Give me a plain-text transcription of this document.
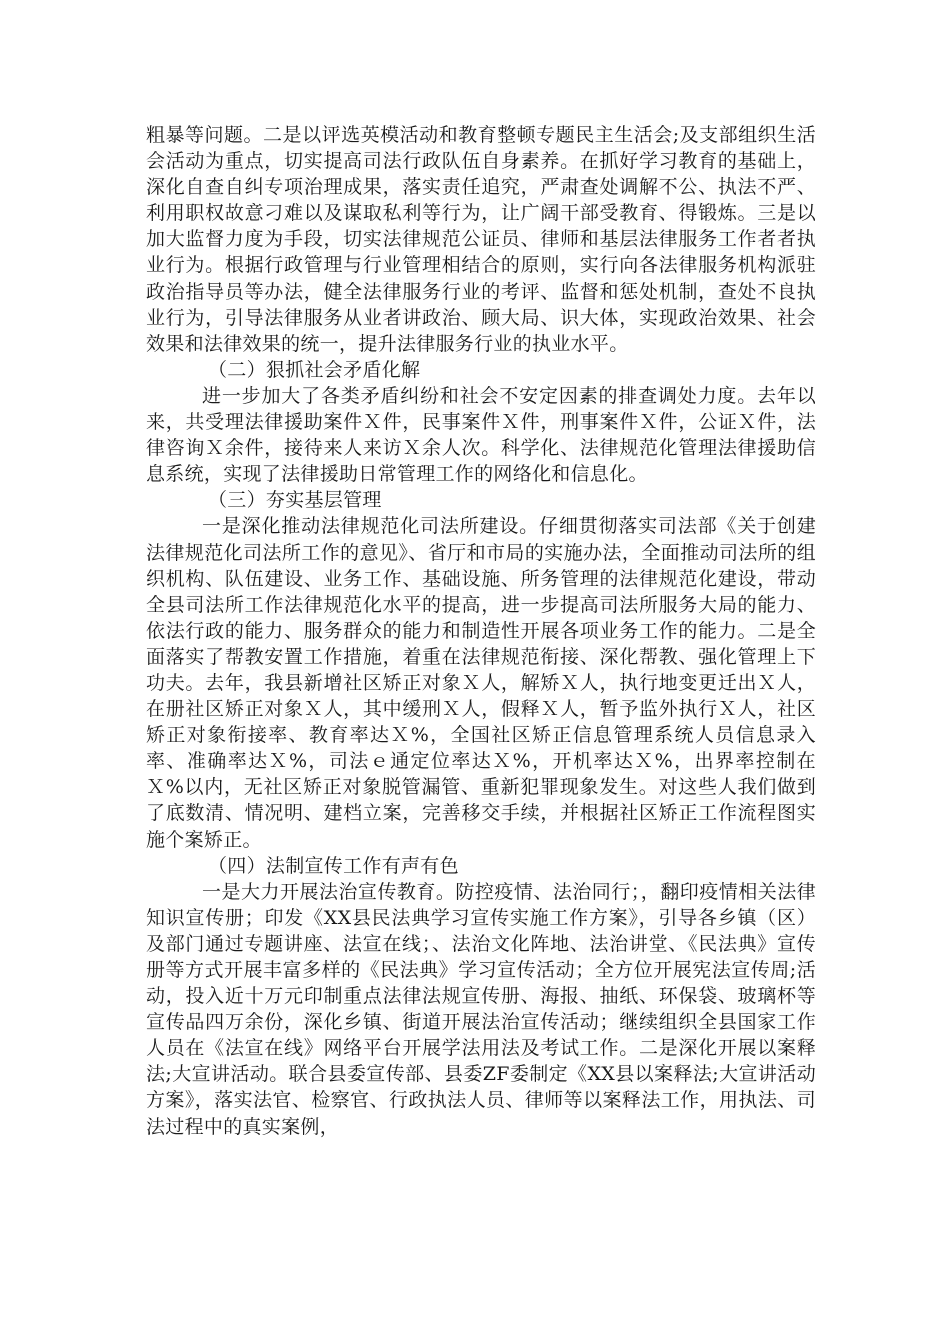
粗暴等问题。二是以评选英模活动和教育整顿专题民主生活会;及支部组织生活会活动为重点，切实提高司法行政队伍自身素养。在抓好学习教育的基础上，深化自查自纠专项治理成果，落实责任追究，严肃查处调解不公、执法不严、利用职权故意刁难以及谋取私利等行为，让广阔干部受教育、得锻炼。三是以加大监督力度为手段，切实法律规范公证员、律师和基层法律服务工作者者执业行为。根据行政管理与行业管理相结合的原则，实行向各法律服务机构派驻政治指导员等办法，健全法律服务行业的考评、监督和惩处机制，查处不良执业行为，引导法律服务从业者讲政治、顾大局、识大体，实现政治效果、社会效果和法律效果的统一，提升法律服务行业的执业水平。

（二）狠抓社会矛盾化解

进一步加大了各类矛盾纠纷和社会不安定因素的排查调处力度。去年以来，共受理法律援助案件Ｘ件，民事案件Ｘ件，刑事案件Ｘ件，公证Ｘ件，法律咨询Ｘ余件，接待来人来访Ｘ余人次。科学化、法律规范化管理法律援助信息系统，实现了法律援助日常管理工作的网络化和信息化。

（三）夯实基层管理

一是深化推动法律规范化司法所建设。仔细贯彻落实司法部《关于创建法律规范化司法所工作的意见》、省厅和市局的实施办法，全面推动司法所的组织机构、队伍建设、业务工作、基础设施、所务管理的法律规范化建设，带动全县司法所工作法律规范化水平的提高，进一步提高司法所服务大局的能力、依法行政的能力、服务群众的能力和制造性开展各项业务工作的能力。二是全面落实了帮教安置工作措施，着重在法律规范衔接、深化帮教、强化管理上下功夫。去年，我县新增社区矫正对象Ｘ人，解矫Ｘ人，执行地变更迁出Ｘ人，在册社区矫正对象Ｘ人，其中缓刑Ｘ人，假释Ｘ人，暂予监外执行Ｘ人，社区矫正对象衔接率、教育率达Ｘ%，全国社区矫正信息管理系统人员信息录入率、准确率达Ｘ%，司法ｅ通定位率达Ｘ%，开机率达Ｘ%，出界率控制在Ｘ%以内，无社区矫正对象脱管漏管、重新犯罪现象发生。对这些人我们做到了底数清、情况明、建档立案，完善移交手续，并根据社区矫正工作流程图实施个案矫正。

（四）法制宣传工作有声有色

一是大力开展法治宣传教育。防控疫情、法治同行；，翻印疫情相关法律知识宣传册；印发《XX县民法典学习宣传实施工作方案》，引导各乡镇（区）及部门通过专题讲座、法宣在线；、法治文化阵地、法治讲堂、《民法典》宣传册等方式开展丰富多样的《民法典》学习宣传活动；全方位开展宪法宣传周;活动，投入近十万元印制重点法律法规宣传册、海报、抽纸、环保袋、玻璃杯等宣传品四万余份，深化乡镇、街道开展法治宣传活动；继续组织全县国家工作人员在《法宣在线》网络平台开展学法用法及考试工作。二是深化开展以案释法;大宣讲活动。联合县委宣传部、县委ZF委制定《XX县以案释法;大宣讲活动方案》，落实法官、检察官、行政执法人员、律师等以案释法工作，用执法、司法过程中的真实案例，
